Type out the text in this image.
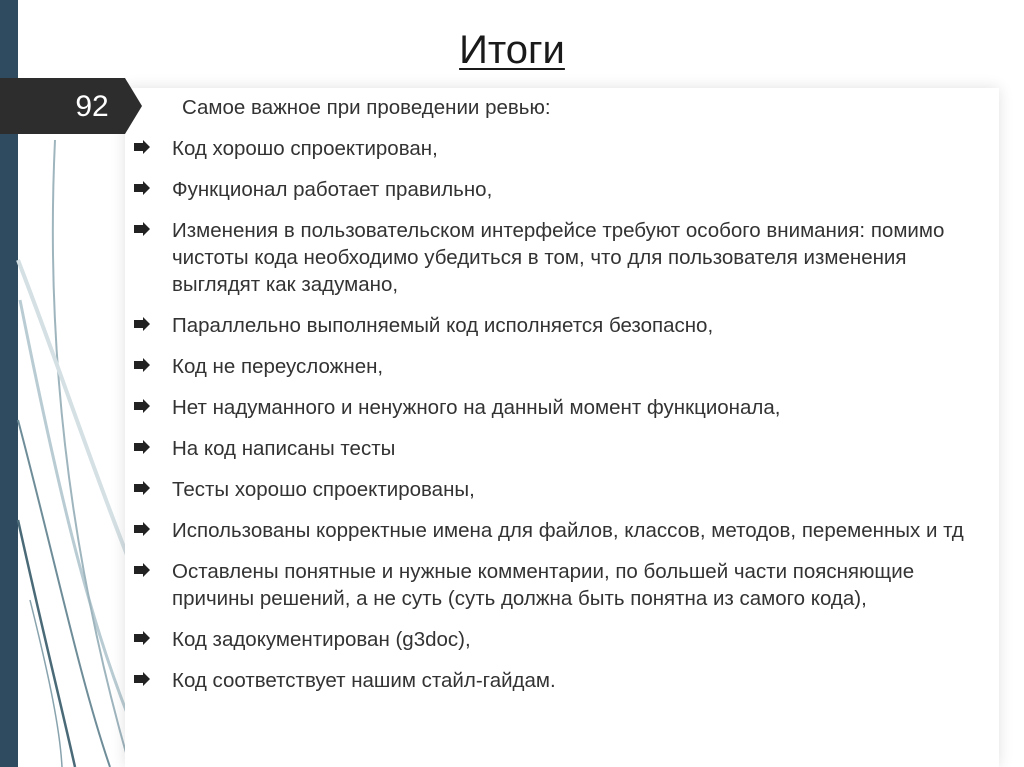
Итоги
92	Самое важное при проведении ревью:
Код хорошо спроектирован,
Функционал работает правильно,
Изменения в пользовательском интерфейсе требуют особого внимания: помимо чистоты кода необходимо убедиться в том, что для пользователя изменения выглядят как задумано,
Параллельно выполняемый код исполняется безопасно,
Код не переусложнен,
Нет надуманного и ненужного на данный момент функционала,
На код написаны тесты
Тесты хорошо спроектированы,
Использованы корректные имена для файлов, классов, методов, переменных и тд
Оставлены понятные и нужные комментарии, по большей части поясняющие причины решений, а не суть (суть должна быть понятна из самого кода),
Код задокументирован (g3doc),
Код соответствует нашим стайл-гайдам.
